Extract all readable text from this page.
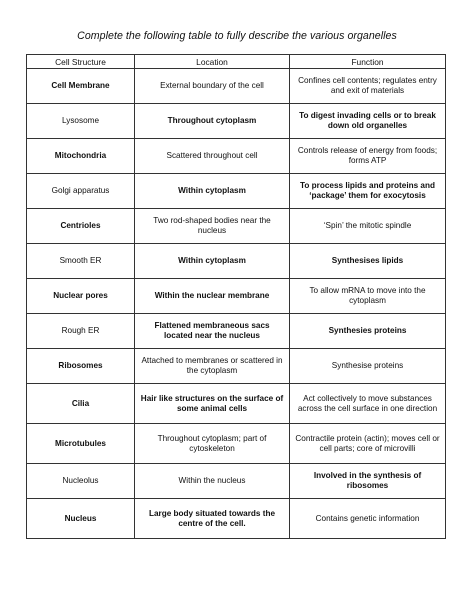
Complete the following table to fully describe the various organelles
Cell Structure	Location	Function
Cell Membrane	External boundary of the cell	Confines cell contents; regulates entry and exit of materials
Lysosome	Throughout cytoplasm	To digest invading cells or to break down old organelles
Mitochondria	Scattered throughout cell	Controls release of energy from foods; forms ATP
Golgi apparatus	Within cytoplasm	To process lipids and proteins and ‘package’ them for exocytosis
Centrioles	Two rod-shaped bodies near the nucleus	‘Spin’ the mitotic spindle
Smooth ER	Within cytoplasm	Synthesises lipids
Nuclear pores	Within the nuclear membrane	To allow mRNA to move into the cytoplasm
Rough ER	Flattened membraneous sacs located near the nucleus	Synthesies proteins
Ribosomes	Attached to membranes or scattered in the cytoplasm	Synthesise proteins
Cilia	Hair like structures on the surface of some animal cells	Act collectively to move substances across the cell surface in one direction
Microtubules	Throughout cytoplasm; part of cytoskeleton	Contractile protein (actin); moves cell or cell parts; core of microvilli
Nucleolus	Within the nucleus	Involved in the synthesis of ribosomes
Nucleus	Large body situated towards the centre of the cell.	Contains genetic information
